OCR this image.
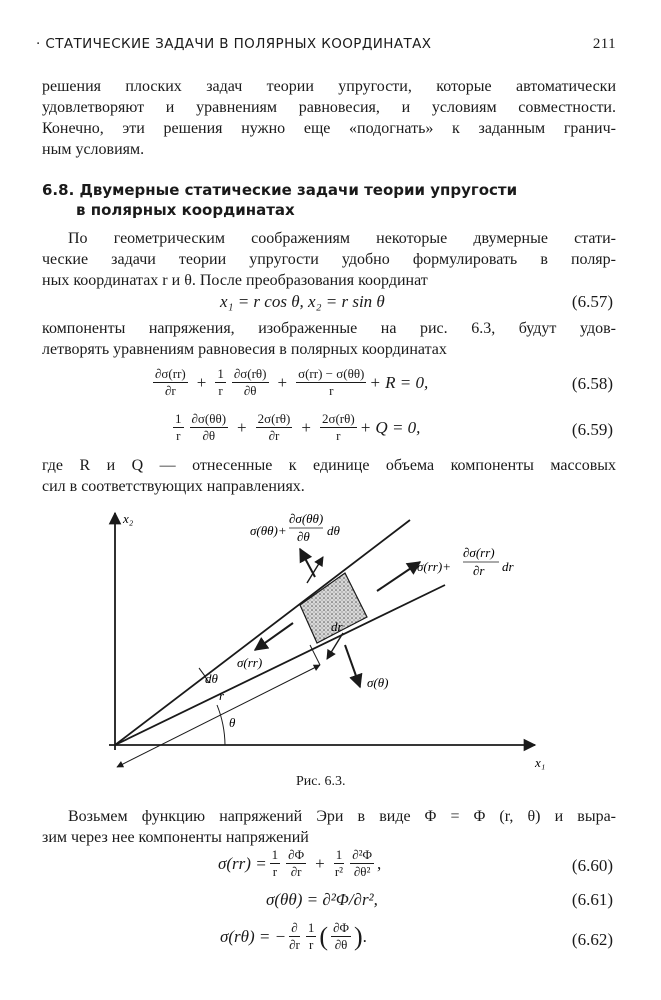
· СТАТИЧЕСКИЕ ЗАДАЧИ В ПОЛЯРНЫХ КООРДИНАТАХ	211
решения плоских задач теории упругости, которые автоматически
удовлетворяют и уравнениям равновесия, и условиям совместности.
Конечно, эти решения нужно еще «подогнать» к заданным гранич-
ным условиям.
6.8. Двумерные статические задачи теории упругости
в полярных координатах
По геометрическим соображениям некоторые двумерные стати-
ческие задачи теории упругости удобно формулировать в поляр-
ных координатах r и θ. После преобразования координат
x₁ = r cos θ, x₂ = r sin θ	(6.57)
компоненты напряжения, изображенные на рис. 6.3, будут удов-
летворять уравнениям равновесия в полярных координатах
$\frac{\partial\sigma(rr)}{\partial r} + \frac{1}{r} \frac{\partial\sigma(r\theta)}{\partial\theta} + \frac{\sigma(rr) - \sigma(\theta\theta)}{r} + R = 0$,	(6.58)
$\frac{1}{r} \frac{\partial\sigma(\theta\theta)}{\partial\theta} + \frac{2\sigma(r\theta)}{\partial r} + \frac{2\sigma(r\theta)}{r} + Q = 0$,	(6.59)
где R и Q — отнесенные к единице объема компоненты массовых
сил в соответствующих направлениях.
x₂
x₁
dθ
r
θ
dr
σ(rr)
σ(θ)
σ(θθ)+
∂σ(θθ)
∂θ dθ
σ(rr)+
∂σ(rr)
∂r dr
Рис. 6.3.
Возьмем функцию напряжений Эри в виде Φ = Φ (r, θ) и выра-
зим через нее компоненты напряжений
$\sigma(rr) = \frac{1}{r} \frac{\partial\Phi}{\partial r} + \frac{1}{\text{r²}} \frac{\text{∂²Φ}}{\text{∂θ²}}$ ,	(6.60)
σ(θθ) = ∂²Φ/∂r²,	(6.61)
σ(rθ) = − $\frac{\partial}{\partial r} \frac{1}{r}$ ( $\frac{\partial\Phi}{\partial\theta}$ ) .	(6.62)
